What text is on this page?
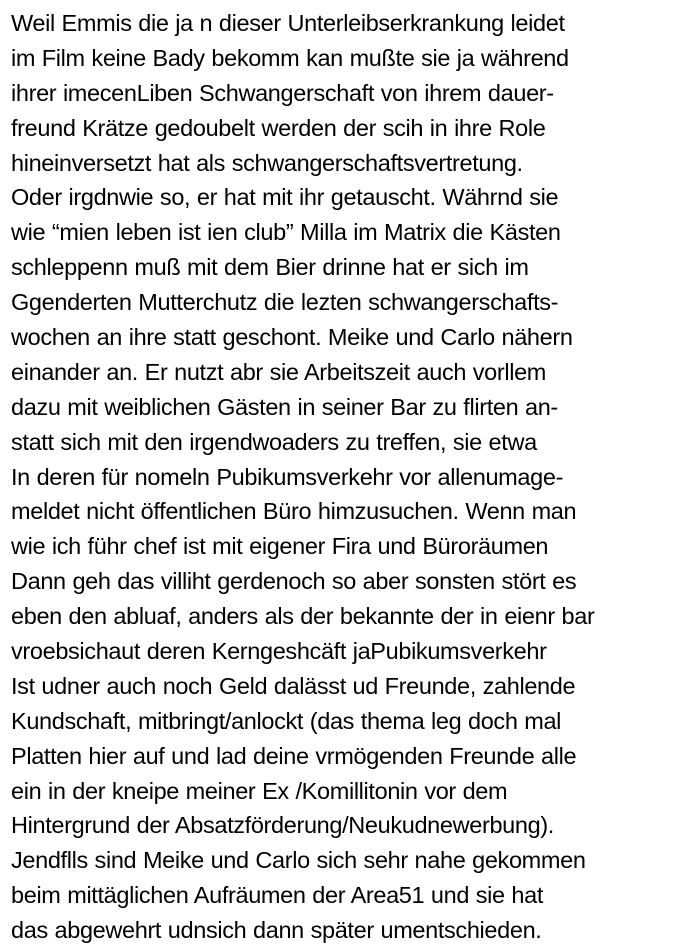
Weil Emmis die ja n dieser Unterleibserkrankung leidet
im Film keine Bady bekomm kan mußte sie ja während
ihrer imecenLiben Schwangerschaft von ihrem dauer-
freund Krätze gedoubelt werden der scih in ihre Role
hineinversetzt hat als schwangerschaftsvertretung.
Oder irgdnwie so, er hat mit ihr getauscht. Währnd sie
wie “mien leben ist ien club” Milla im Matrix die Kästen
schleppenn muß mit dem Bier drinne hat er sich im
Ggenderten Mutterchutz die lezten schwangerschafts-
wochen an ihre statt geschont. Meike und Carlo nähern
einander an. Er nutzt abr sie Arbeitszeit auch vorllem
dazu mit weiblichen Gästen in seiner Bar zu flirten an-
statt sich mit den irgendwoaders zu treffen, sie etwa
In deren für nomeln Pubikumsverkehr vor allenumage-
meldet nicht öffentlichen Büro himzusuchen. Wenn man
wie ich führ chef ist mit eigener Fira und Büroräumen
Dann geh das villiht gerdenoch so aber sonsten stört es
eben den abluaf, anders als der bekannte der in eienr bar
vroebsichaut deren Kerngeshcäft jaPubikumsverkehr
Ist udner auch noch Geld dalässt ud Freunde, zahlende
Kundschaft, mitbringt/anlockt (das thema leg doch mal
Platten hier auf und lad deine vrmögenden Freunde alle
ein in der kneipe meiner Ex /Komillitonin vor dem
Hintergrund der Absatzförderung/Neukudnewerbung).
Jendflls sind Meike und Carlo sich sehr nahe gekommen
beim mittäglichen Aufräumen der Area51 und sie hat
das abgewehrt udnsich dann später umentschieden.
